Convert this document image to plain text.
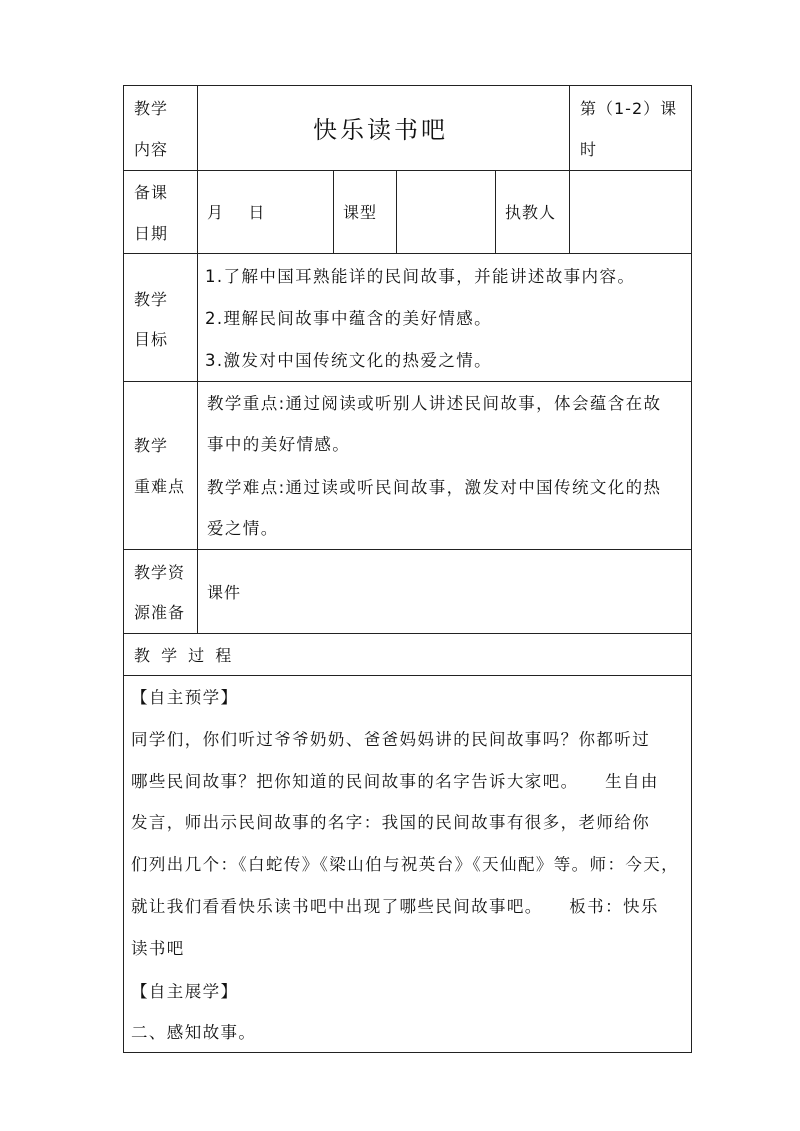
教学
内容
快乐读书吧
第（1-2）课
时
备课
日期
月    日	课型	执教人
教学
目标
1.了解中国耳熟能详的民间故事，并能讲述故事内容。
2.理解民间故事中蕴含的美好情感。
3.激发对中国传统文化的热爱之情。
教学
重难点
教学重点:通过阅读或听别人讲述民间故事，体会蕴含在故
事中的美好情感。
教学难点:通过读或听民间故事，激发对中国传统文化的热
爱之情。
教学资
源准备
课件
教 学 过 程
【自主预学】
同学们，你们听过爷爷奶奶、爸爸妈妈讲的民间故事吗？你都听过
哪些民间故事？把你知道的民间故事的名字告诉大家吧。    生自由
发言，师出示民间故事的名字：我国的民间故事有很多，老师给你
们列出几个：《白蛇传》《梁山伯与祝英台》《天仙配》等。师：今天，
就让我们看看快乐读书吧中出现了哪些民间故事吧。    板书：快乐
读书吧
【自主展学】
二、感知故事。
